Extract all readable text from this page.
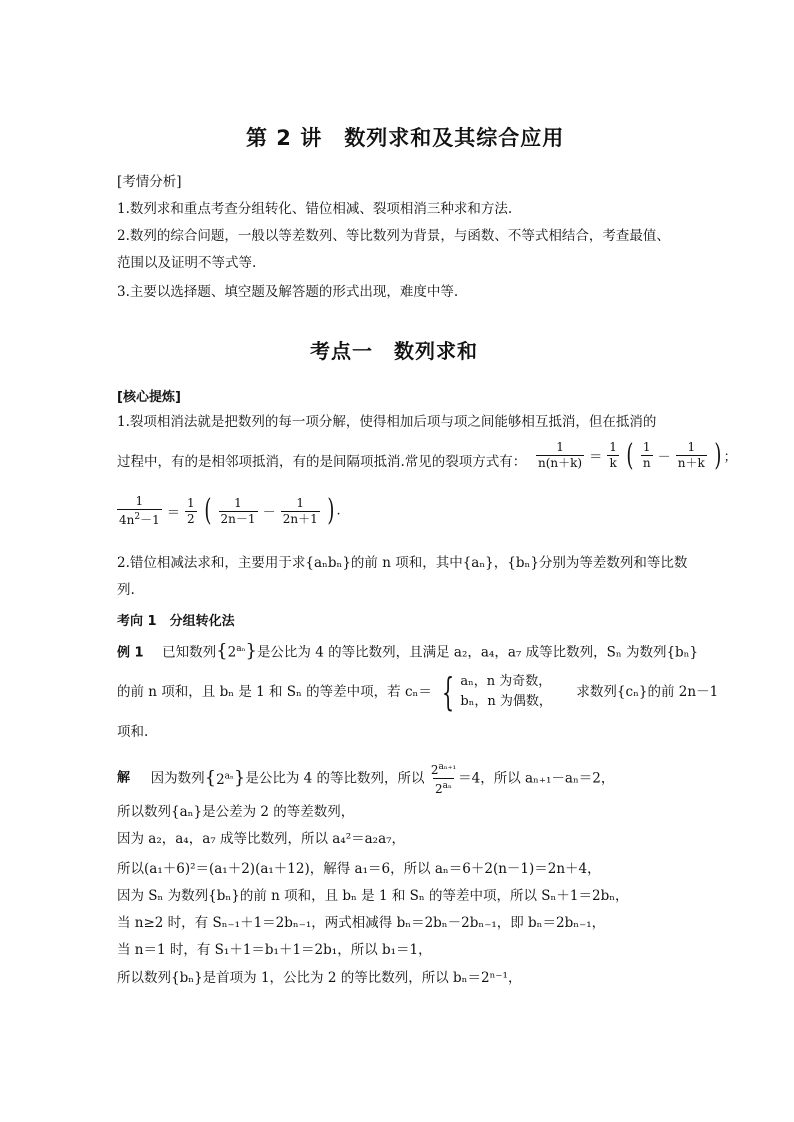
第 2 讲　数列求和及其综合应用
[考情分析]
1.数列求和重点考查分组转化、错位相减、裂项相消三种求和方法.
2.数列的综合问题，一般以等差数列、等比数列为背景，与函数、不等式相结合，考查最值、
范围以及证明不等式等.
3.主要以选择题、填空题及解答题的形式出现，难度中等.
考点一　数列求和
[核心提炼]
1.裂项相消法就是把数列的每一项分解，使得相加后项与项之间能够相互抵消，但在抵消的
过程中，有的是相邻项抵消，有的是间隔项抵消.常见的裂项方式有： $\frac{1}{n(n+k)} = \frac{1}{k}$ ( $\frac{1}{n} - \frac{1}{n+k}$ ) ；
$\frac{1}{4n^2-1} = \frac{1}{2}$ ( $\frac{1}{2n-1} - \frac{1}{2n+1}$ ) .
2.错位相减法求和，主要用于求{aₙbₙ}的前 n 项和，其中{aₙ}，{bₙ}分别为等差数列和等比数
列.
考向 1　分组转化法
例 1 已知数列$\{2^{a_n}\}$是公比为 4 的等比数列，且满足 a₂，a₄，a₇ 成等比数列，Sₙ 为数列{bₙ}
的前 n 项和，且 bₙ 是 1 和 Sₙ 的等差中项，若 cₙ＝ { aₙ，n 为奇数，
bₙ，n 为偶数，
求数列{cₙ}的前 2n－1
项和.
解 因为数列$\{2^{a_n}\}$是公比为 4 的等比数列，所以 $\frac{2^{a_{n+1}}}{2^{a_n}} =4$，所以 aₙ₊₁－aₙ＝2，
所以数列{aₙ}是公差为 2 的等差数列，
因为 a₂，a₄，a₇ 成等比数列，所以 a₄²＝a₂a₇，
所以(a₁＋6)²＝(a₁＋2)(a₁＋12)，解得 a₁＝6，所以 aₙ＝6＋2(n－1)＝2n＋4，
因为 Sₙ 为数列{bₙ}的前 n 项和，且 bₙ 是 1 和 Sₙ 的等差中项，所以 Sₙ＋1＝2bₙ，
当 n≥2 时，有 Sₙ₋₁＋1＝2bₙ₋₁，两式相减得 bₙ＝2bₙ－2bₙ₋₁，即 bₙ＝2bₙ₋₁，
当 n＝1 时，有 S₁＋1＝b₁＋1＝2b₁，所以 b₁＝1，
所以数列{bₙ}是首项为 1，公比为 2 的等比数列，所以 bₙ＝2ⁿ⁻¹，
